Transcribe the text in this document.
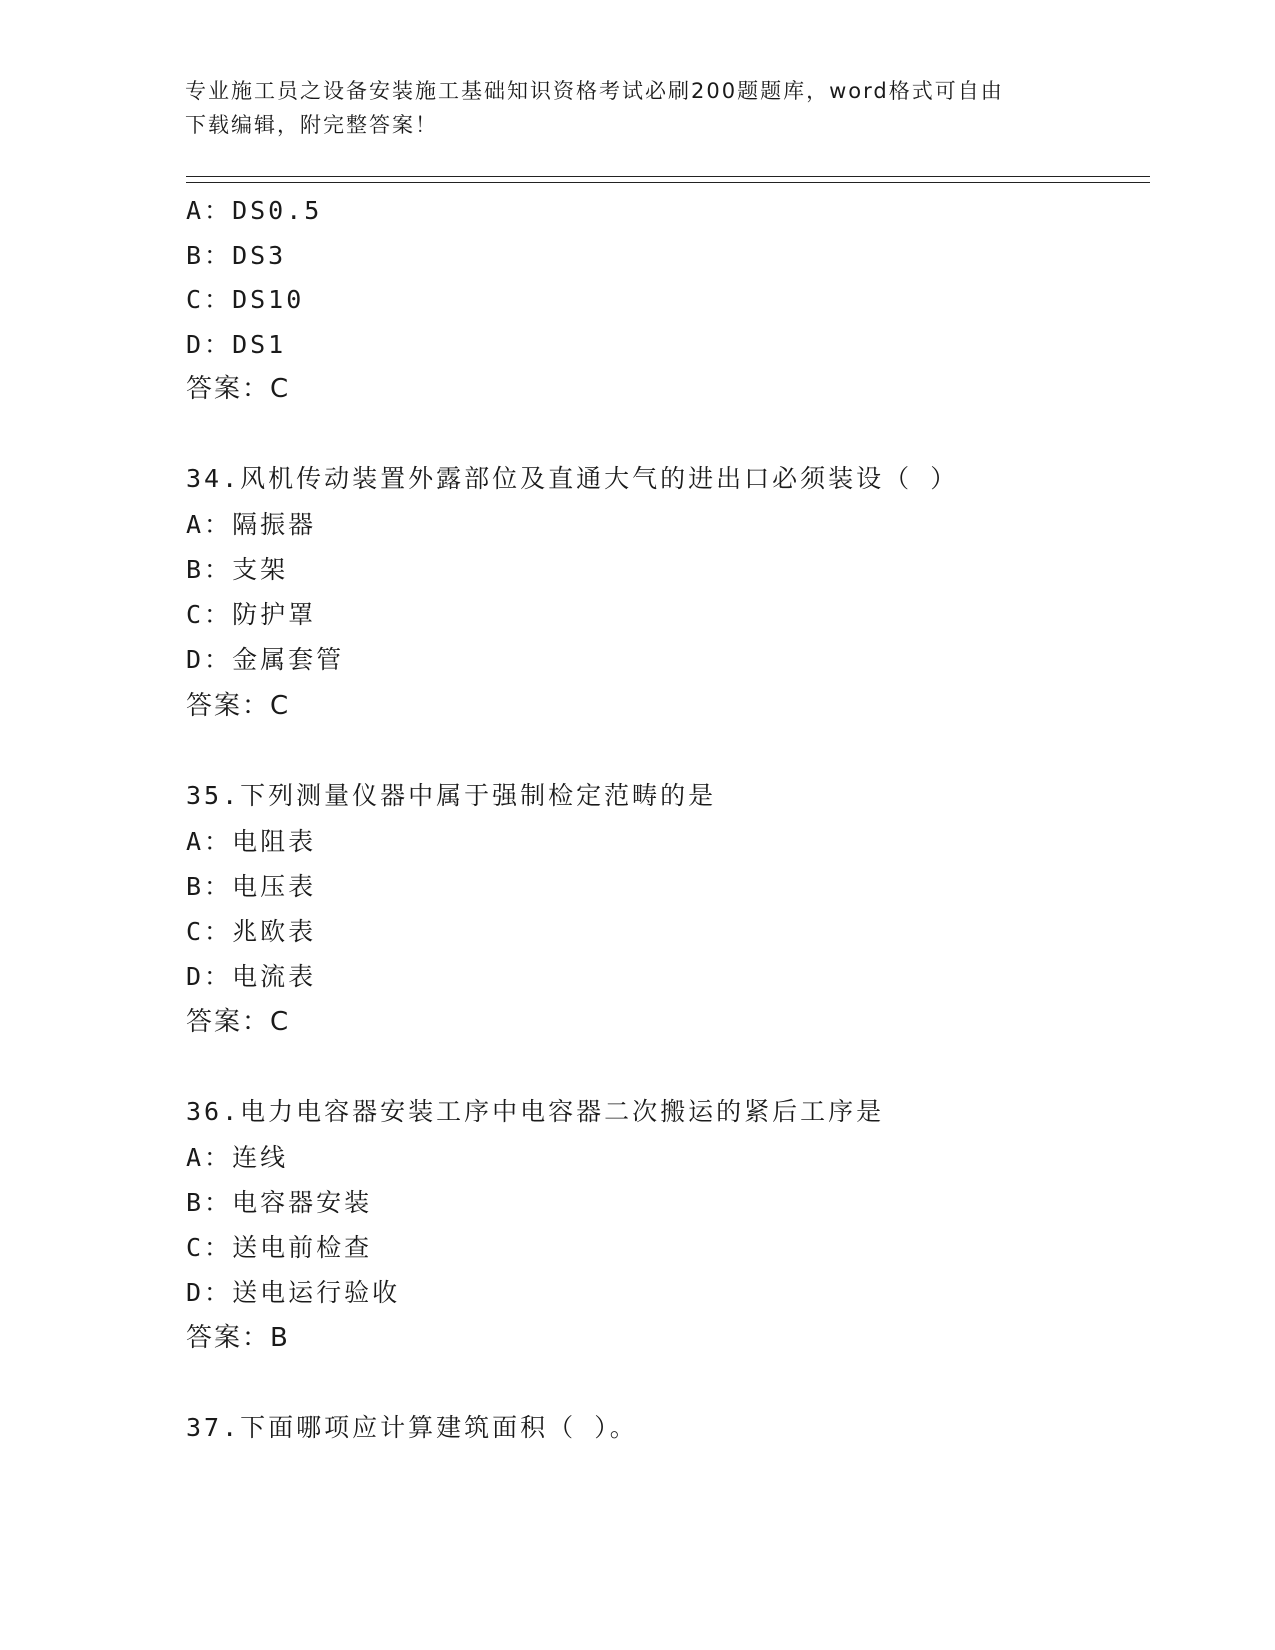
专业施工员之设备安装施工基础知识资格考试必刷200题题库，word格式可自由
下载编辑，附完整答案！
A：DS0.5
B：DS3
C：DS10
D：DS1
答案：C
34.风机传动装置外露部位及直通大气的进出口必须装设（ ）
A：隔振器
B：支架
C：防护罩
D：金属套管
答案：C
35.下列测量仪器中属于强制检定范畴的是
A：电阻表
B：电压表
C：兆欧表
D：电流表
答案：C
36.电力电容器安装工序中电容器二次搬运的紧后工序是
A：连线
B：电容器安装
C：送电前检查
D：送电运行验收
答案：B
37.下面哪项应计算建筑面积（ ）。
